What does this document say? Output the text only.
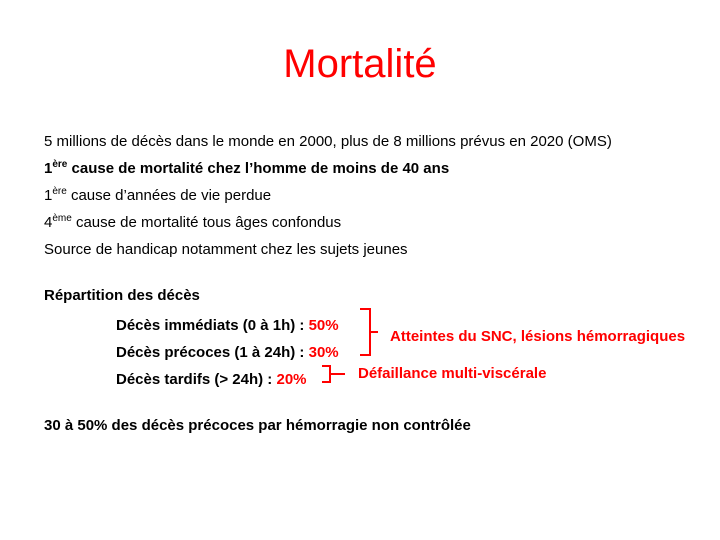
Mortalité
5 millions de décès dans le monde en 2000, plus de 8 millions prévus en 2020 (OMS)
1ère cause de mortalité chez l’homme de moins de 40 ans
1ère cause d’années de vie perdue
4ème cause de mortalité tous âges confondus
Source de handicap notamment chez les sujets jeunes
Répartition des décès
Décès immédiats (0 à 1h) : 50%
Décès précoces (1 à 24h) : 30%
Décès tardifs (> 24h) : 20%
Atteintes du SNC, lésions hémorragiques
Défaillance multi-viscérale
30 à 50% des décès précoces par hémorragie non contrôlée
